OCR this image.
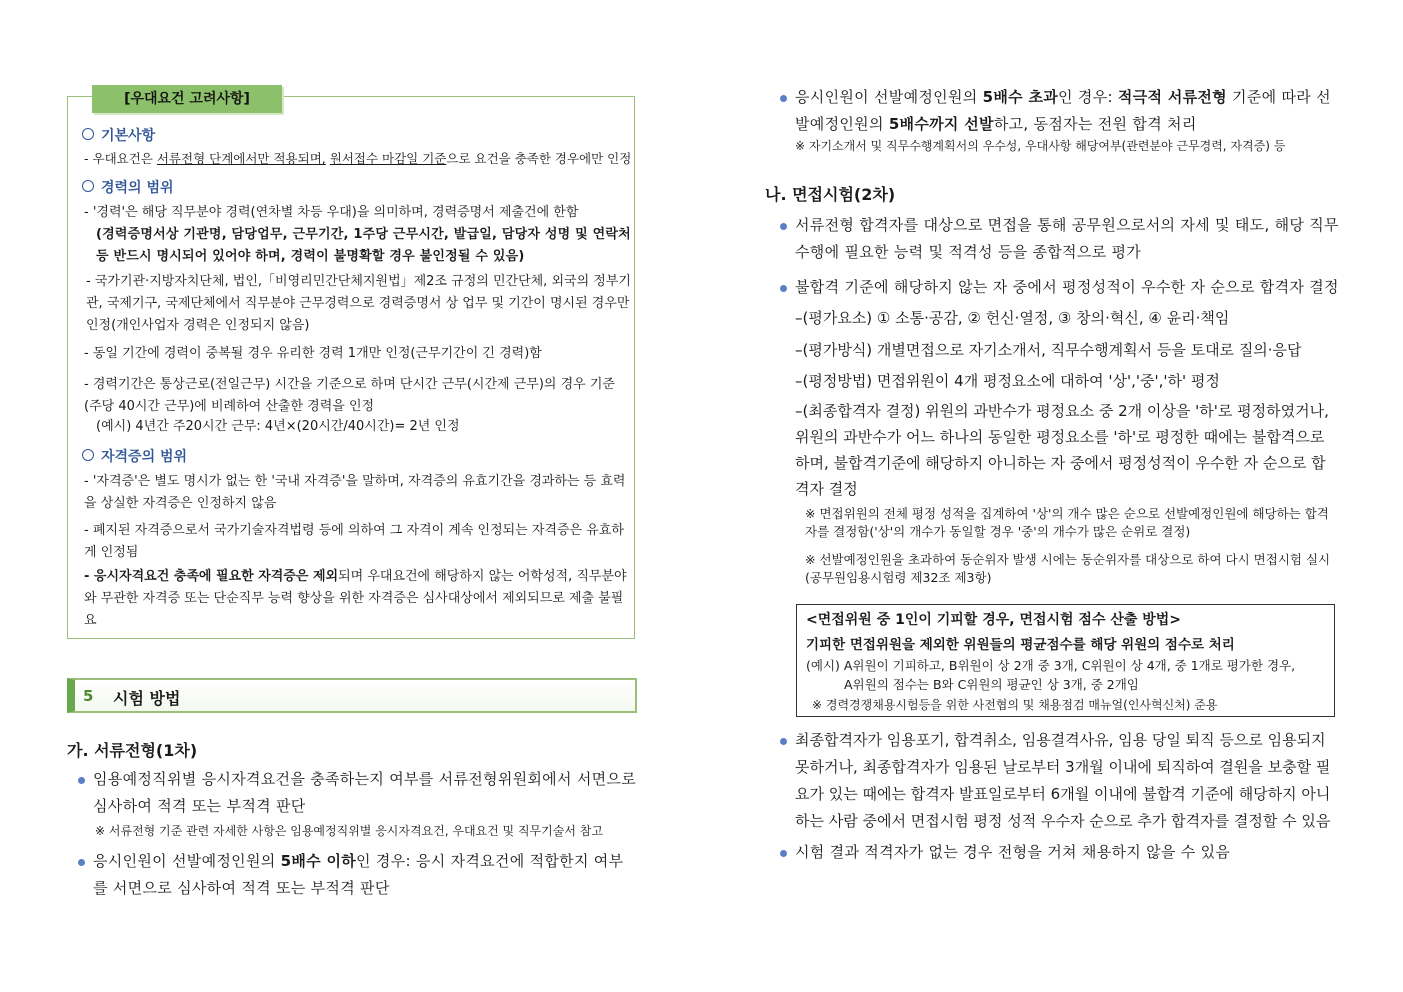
[우대요건 고려사항]
기본사항
- 우대요건은 서류전형 단계에서만 적용되며, 원서접수 마감일 기준으로 요건을 충족한 경우에만 인정
경력의 범위
- '경력'은 해당 직무분야 경력(연차별 차등 우대)을 의미하며, 경력증명서 제출건에 한함
(경력증명서상 기관명, 담당업무, 근무기간, 1주당 근무시간, 발급일, 담당자 성명 및 연락처 등 반드시 명시되어 있어야 하며, 경력이 불명확할 경우 불인정될 수 있음)
- 국가기관·지방자치단체, 법인,「비영리민간단체지원법」제2조 규정의 민간단체, 외국의 정부기관, 국제기구, 국제단체에서 직무분야 근무경력으로 경력증명서 상 업무 및 기간이 명시된 경우만 인정(개인사업자 경력은 인정되지 않음)
- 동일 기간에 경력이 중복될 경우 유리한 경력 1개만 인정(근무기간이 긴 경력)함
- 경력기간은 통상근로(전일근무) 시간을 기준으로 하며 단시간 근무(시간제 근무)의 경우 기준(주당 40시간 근무)에 비례하여 산출한 경력을 인정
(예시) 4년간 주20시간 근무: 4년×(20시간/40시간)= 2년 인정
자격증의 범위
- '자격증'은 별도 명시가 없는 한 '국내 자격증'을 말하며, 자격증의 유효기간을 경과하는 등 효력을 상실한 자격증은 인정하지 않음
- 폐지된 자격증으로서 국가기술자격법령 등에 의하여 그 자격이 계속 인정되는 자격증은 유효하게 인정됨
- 응시자격요건 충족에 필요한 자격증은 제외되며 우대요건에 해당하지 않는 어학성적, 직무분야와 무관한 자격증 또는 단순직무 능력 향상을 위한 자격증은 심사대상에서 제외되므로 제출 불필요
5 시험 방법
가. 서류전형(1차)
임용예정직위별 응시자격요건을 충족하는지 여부를 서류전형위원회에서 서면으로 심사하여 적격 또는 부적격 판단
※ 서류전형 기준 관련 자세한 사항은 임용예정직위별 응시자격요건, 우대요건 및 직무기술서 참고
응시인원이 선발예정인원의 5배수 이하인 경우: 응시 자격요건에 적합한지 여부를 서면으로 심사하여 적격 또는 부적격 판단
응시인원이 선발예정인원의 5배수 초과인 경우: 적극적 서류전형 기준에 따라 선발예정인원의 5배수까지 선발하고, 동점자는 전원 합격 처리
※ 자기소개서 및 직무수행계획서의 우수성, 우대사항 해당여부(관련분야 근무경력, 자격증) 등
나. 면접시험(2차)
서류전형 합격자를 대상으로 면접을 통해 공무원으로서의 자세 및 태도, 해당 직무수행에 필요한 능력 및 적격성 등을 종합적으로 평가
불합격 기준에 해당하지 않는 자 중에서 평정성적이 우수한 자 순으로 합격자 결정
–(평가요소) ① 소통·공감, ② 헌신·열정, ③ 창의·혁신, ④ 윤리·책임
–(평가방식) 개별면접으로 자기소개서, 직무수행계획서 등을 토대로 질의·응답
–(평정방법) 면접위원이 4개 평정요소에 대하여 '상','중','하' 평정
–(최종합격자 결정) 위원의 과반수가 평정요소 중 2개 이상을 '하'로 평정하였거나, 위원의 과반수가 어느 하나의 동일한 평정요소를 '하'로 평정한 때에는 불합격으로 하며, 불합격기준에 해당하지 아니하는 자 중에서 평정성적이 우수한 자 순으로 합격자 결정
※ 면접위원의 전체 평정 성적을 집계하여 '상'의 개수 많은 순으로 선발예정인원에 해당하는 합격자를 결정함('상'의 개수가 동일할 경우 '중'의 개수가 많은 순위로 결정)
※ 선발예정인원을 초과하여 동순위자 발생 시에는 동순위자를 대상으로 하여 다시 면접시험 실시(공무원임용시험령 제32조 제3항)
<면접위원 중 1인이 기피할 경우, 면접시험 점수 산출 방법>
기피한 면접위원을 제외한 위원들의 평균점수를 해당 위원의 점수로 처리
(예시) A위원이 기피하고, B위원이 상 2개 중 3개, C위원이 상 4개, 중 1개로 평가한 경우,
A위원의 점수는 B와 C위원의 평균인 상 3개, 중 2개임
※ 경력경쟁채용시험등을 위한 사전협의 및 채용점검 매뉴얼(인사혁신처) 준용
최종합격자가 임용포기, 합격취소, 임용결격사유, 임용 당일 퇴직 등으로 임용되지 못하거나, 최종합격자가 임용된 날로부터 3개월 이내에 퇴직하여 결원을 보충할 필요가 있는 때에는 합격자 발표일로부터 6개월 이내에 불합격 기준에 해당하지 아니하는 사람 중에서 면접시험 평정 성적 우수자 순으로 추가 합격자를 결정할 수 있음
시험 결과 적격자가 없는 경우 전형을 거쳐 채용하지 않을 수 있음
